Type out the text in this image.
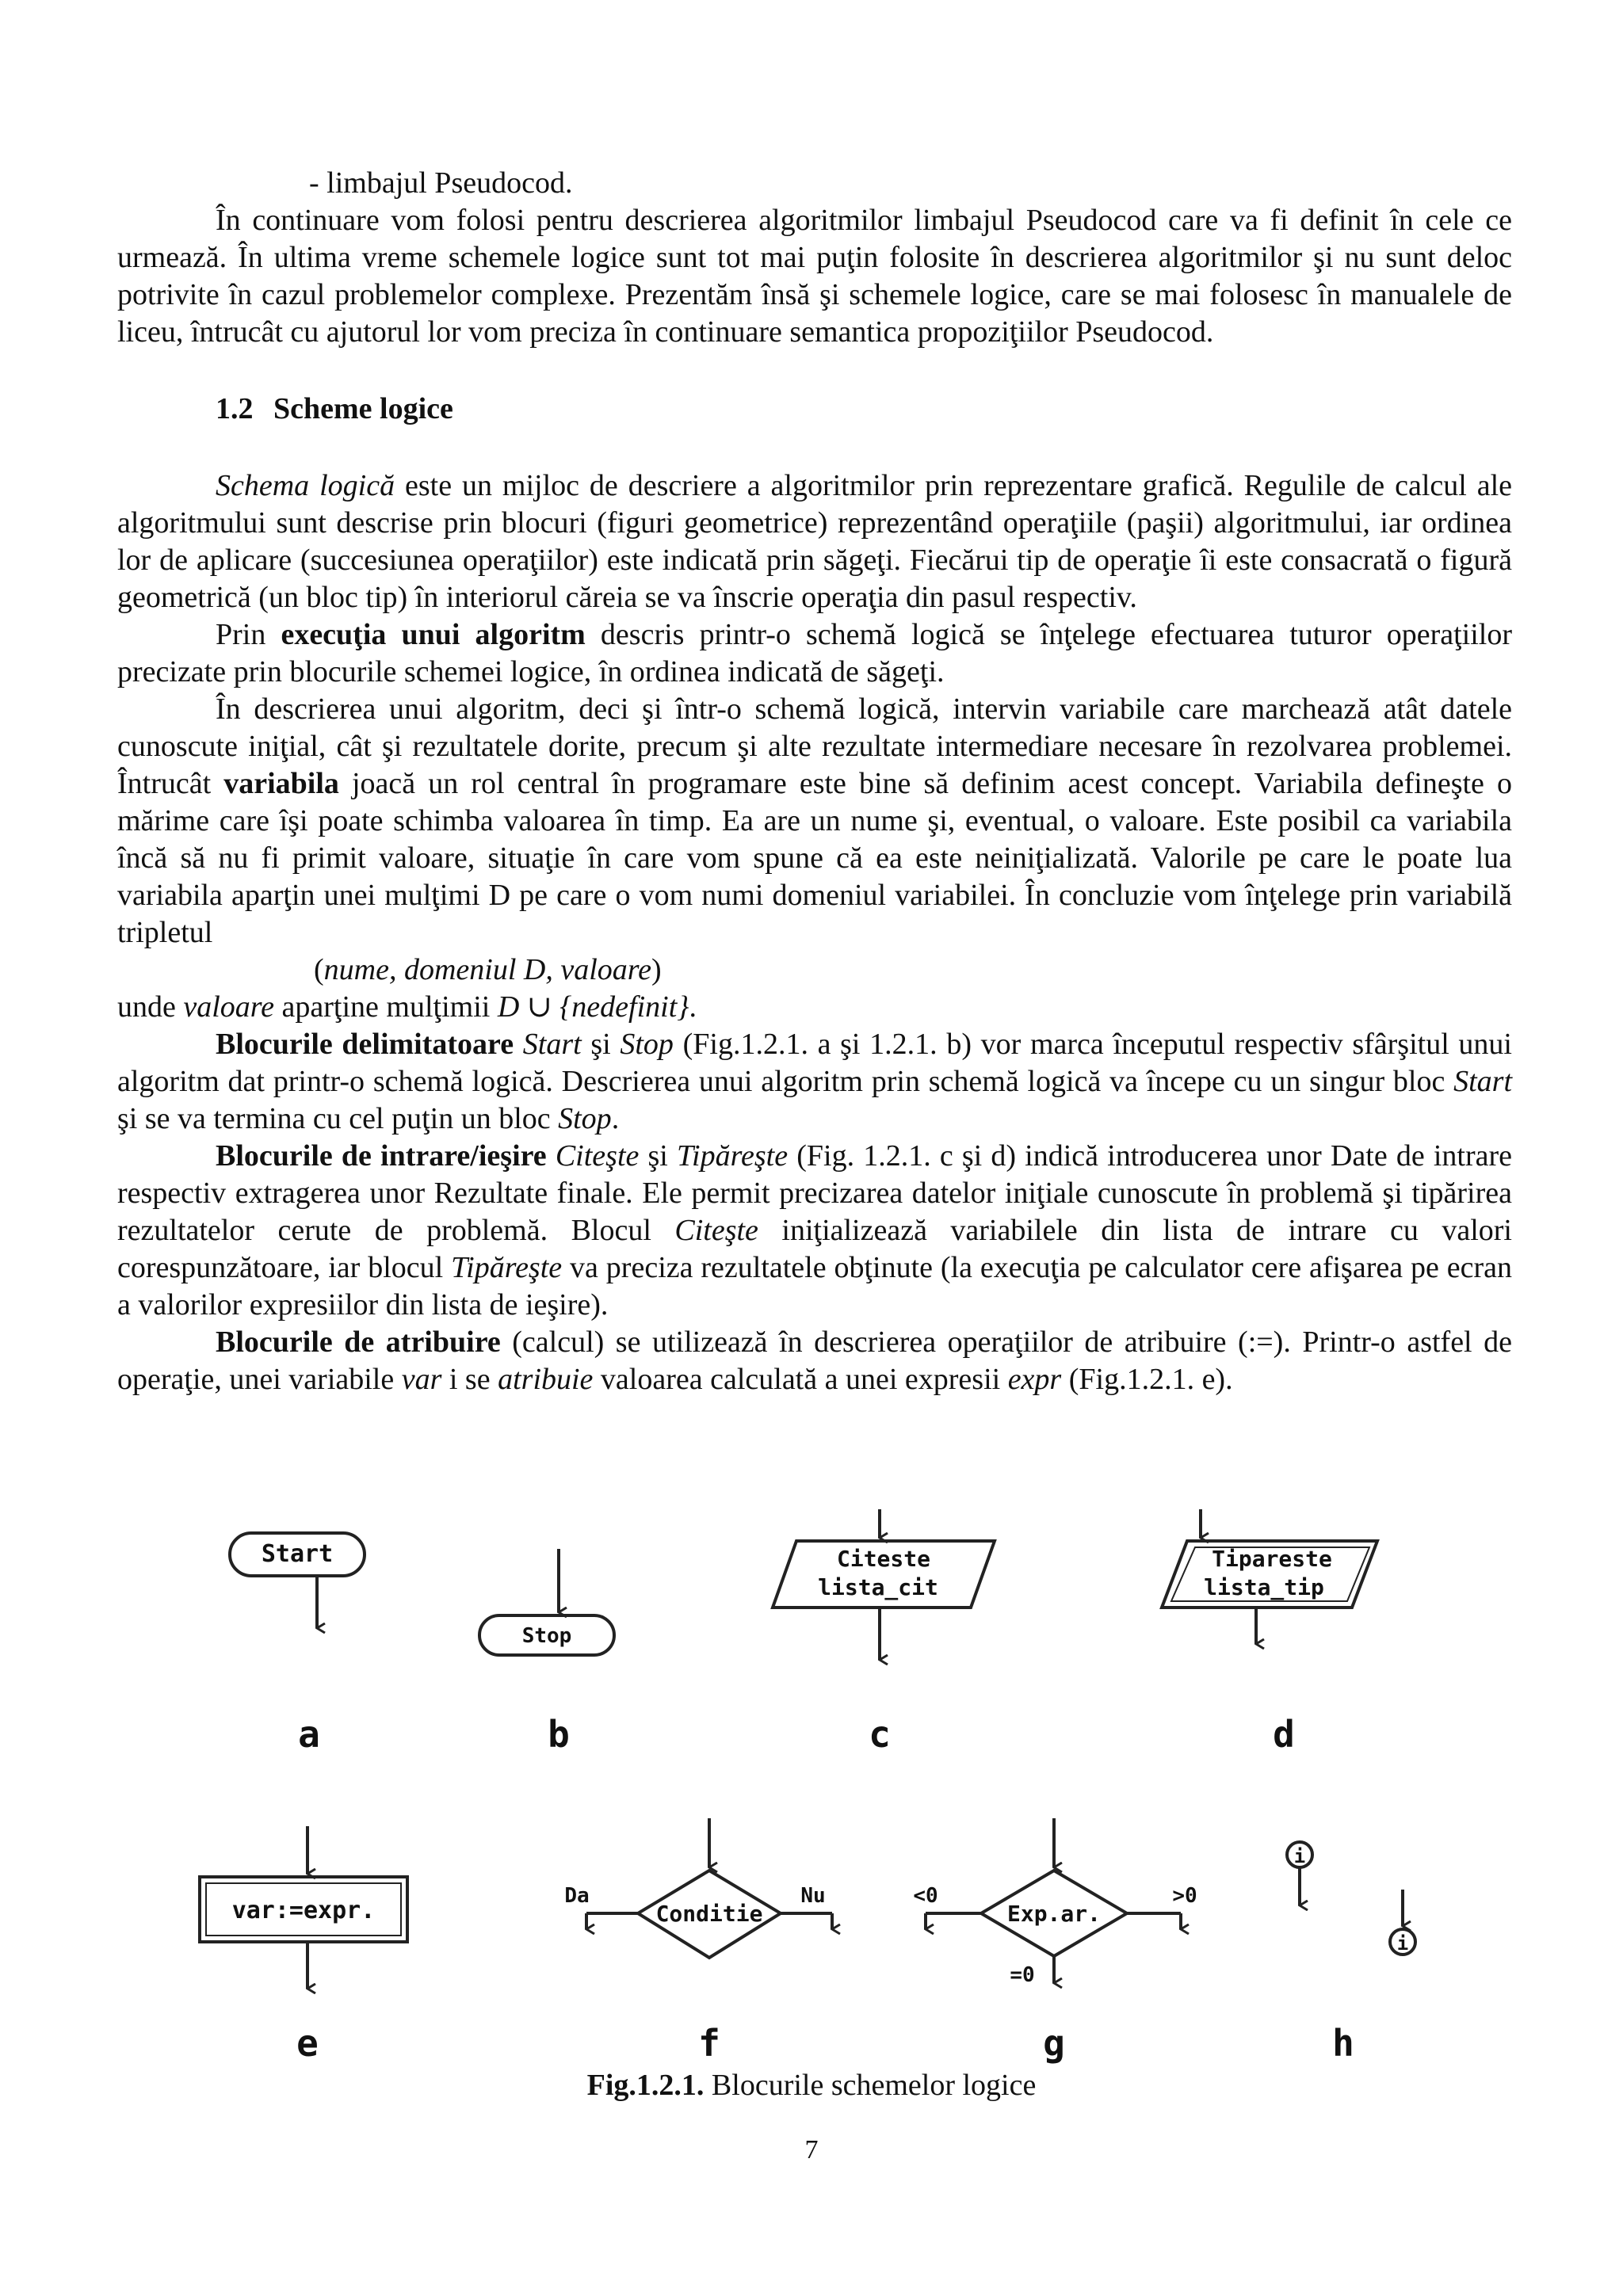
- limbajul Pseudocod.

În continuare vom folosi pentru descrierea algoritmilor limbajul Pseudocod care va fi definit în cele ce urmează. În ultima vreme schemele logice sunt tot mai puţin folosite în descrierea algoritmilor şi nu sunt deloc potrivite în cazul problemelor complexe. Prezentăm însă şi schemele logice, care se mai folosesc în manualele de liceu, întrucât cu ajutorul lor vom preciza în continuare semantica propoziţiilor Pseudocod.

1.2 Scheme logice

Schema logică este un mijloc de descriere a algoritmilor prin reprezentare grafică. Regulile de calcul ale algoritmului sunt descrise prin blocuri (figuri geometrice) reprezentând operaţiile (paşii) algoritmului, iar ordinea lor de aplicare (succesiunea operaţiilor) este indicată prin săgeţi. Fiecărui tip de operaţie îi este consacrată o figură geometrică (un bloc tip) în interiorul căreia se va înscrie operaţia din pasul respectiv.

Prin execuţia unui algoritm descris printr-o schemă logică se înţelege efectuarea tuturor operaţiilor precizate prin blocurile schemei logice, în ordinea indicată de săgeţi.

În descrierea unui algoritm, deci şi într-o schemă logică, intervin variabile care marchează atât datele cunoscute iniţial, cât şi rezultatele dorite, precum şi alte rezultate intermediare necesare în rezolvarea problemei. Întrucât variabila joacă un rol central în programare este bine să definim acest concept. Variabila defineşte o mărime care îşi poate schimba valoarea în timp. Ea are un nume şi, eventual, o valoare. Este posibil ca variabila încă să nu fi primit valoare, situaţie în care vom spune că ea este neiniţializată. Valorile pe care le poate lua variabila aparţin unei mulţimi D pe care o vom numi domeniul variabilei. În concluzie vom înţelege prin variabilă tripletul

(nume, domeniul D, valoare)

unde valoare aparţine mulţimii D ∪ {nedefinit}.

Blocurile delimitatoare Start şi Stop (Fig.1.2.1. a şi 1.2.1. b) vor marca începutul respectiv sfârşitul unui algoritm dat printr-o schemă logică. Descrierea unui algoritm prin schemă logică va începe cu un singur bloc Start şi se va termina cu cel puţin un bloc Stop.

Blocurile de intrare/ieşire Citeşte şi Tipăreşte (Fig. 1.2.1. c şi d) indică introducerea unor Date de intrare respectiv extragerea unor Rezultate finale. Ele permit precizarea datelor iniţiale cunoscute în problemă şi tipărirea rezultatelor cerute de problemă. Blocul Citeşte iniţializează variabilele din lista de intrare cu valori corespunzătoare, iar blocul Tipăreşte va preciza rezultatele obţinute (la execuţia pe calculator cere afişarea pe ecran a valorilor expresiilor din lista de ieşire).

Blocurile de atribuire (calcul) se utilizează în descrierea operaţiilor de atribuire (:=). Printr-o astfel de operaţie, unei variabile var i se atribuie valoarea calculată a unei expresii expr (Fig.1.2.1. e).

Start
Stop
Citeste
lista_cit
Tipareste
lista_tip
var:=expr.	Conditie
Da	Nu
Exp.ar.
<0	>0
=0
i
i
a	b	c	d
e	f	g	h
Fig.1.2.1. Blocurile schemelor logice
7
